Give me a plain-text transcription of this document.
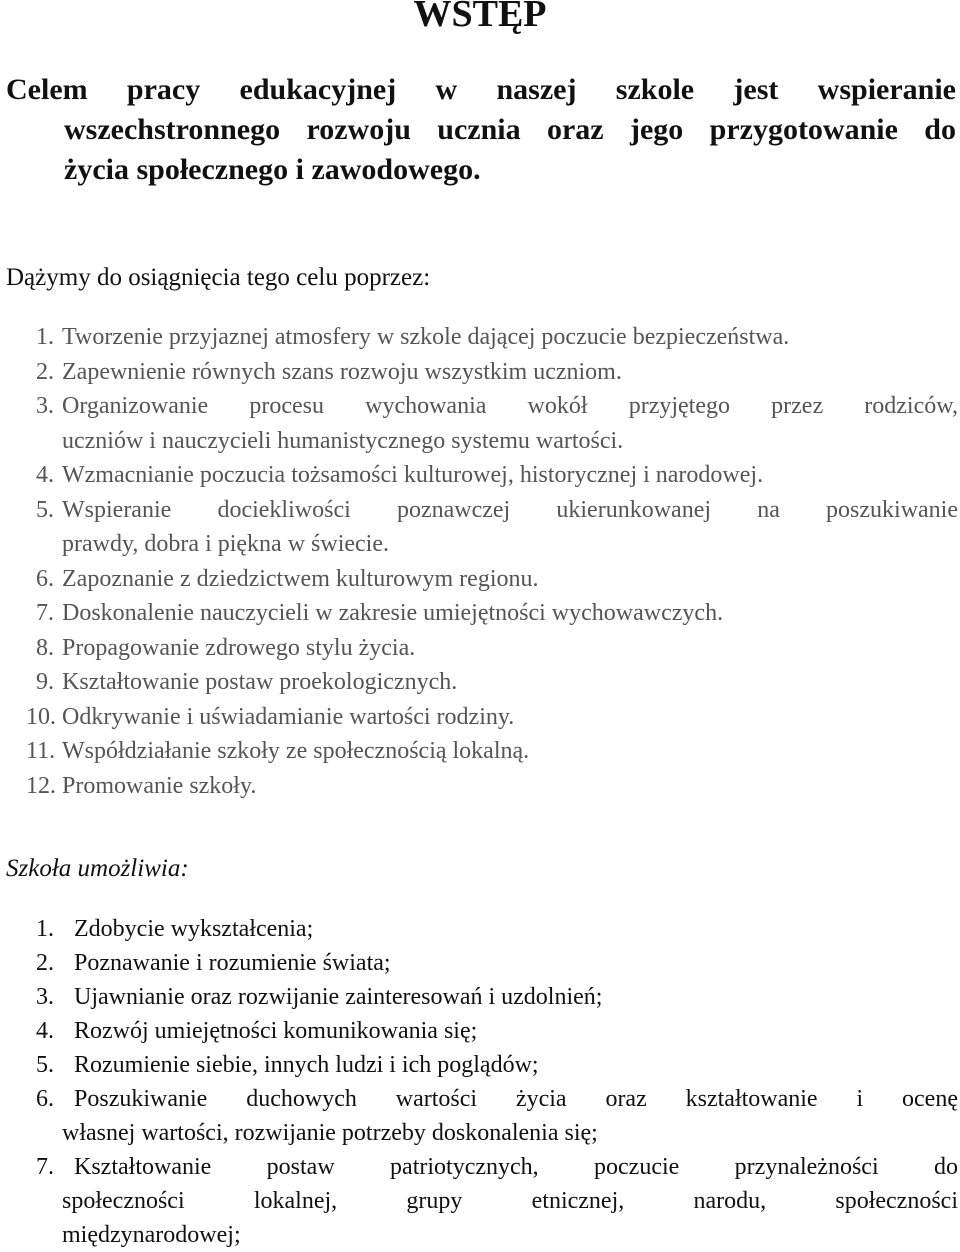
WSTĘP
Celem pracy edukacyjnej w naszej szkole jest wspieranie
wszechstronnego rozwoju ucznia oraz jego przygotowanie do
życia społecznego i zawodowego.
Dążymy do osiągnięcia tego celu poprzez:
1. Tworzenie przyjaznej atmosfery w szkole dającej poczucie bezpieczeństwa.
2. Zapewnienie równych szans rozwoju wszystkim uczniom.
3. Organizowanie procesu wychowania wokół przyjętego przez rodziców,
uczniów i nauczycieli humanistycznego systemu wartości.
4. Wzmacnianie poczucia tożsamości kulturowej, historycznej i narodowej.
5. Wspieranie dociekliwości poznawczej ukierunkowanej na poszukiwanie
prawdy, dobra i piękna w świecie.
6. Zapoznanie z dziedzictwem kulturowym regionu.
7. Doskonalenie nauczycieli w zakresie umiejętności wychowawczych.
8. Propagowanie zdrowego stylu życia.
9. Kształtowanie postaw proekologicznych.
10. Odkrywanie i uświadamianie wartości rodziny.
11. Współdziałanie szkoły ze społecznością lokalną.
12. Promowanie szkoły.
Szkoła umożliwia:
1. Zdobycie wykształcenia;
2. Poznawanie i rozumienie świata;
3. Ujawnianie oraz rozwijanie zainteresowań i uzdolnień;
4. Rozwój umiejętności komunikowania się;
5. Rozumienie siebie, innych ludzi i ich poglądów;
6. Poszukiwanie duchowych wartości życia oraz kształtowanie i ocenę
własnej wartości, rozwijanie potrzeby doskonalenia się;
7. Kształtowanie postaw patriotycznych, poczucie przynależności do
społeczności lokalnej, grupy etnicznej, narodu, społeczności
międzynarodowej;
